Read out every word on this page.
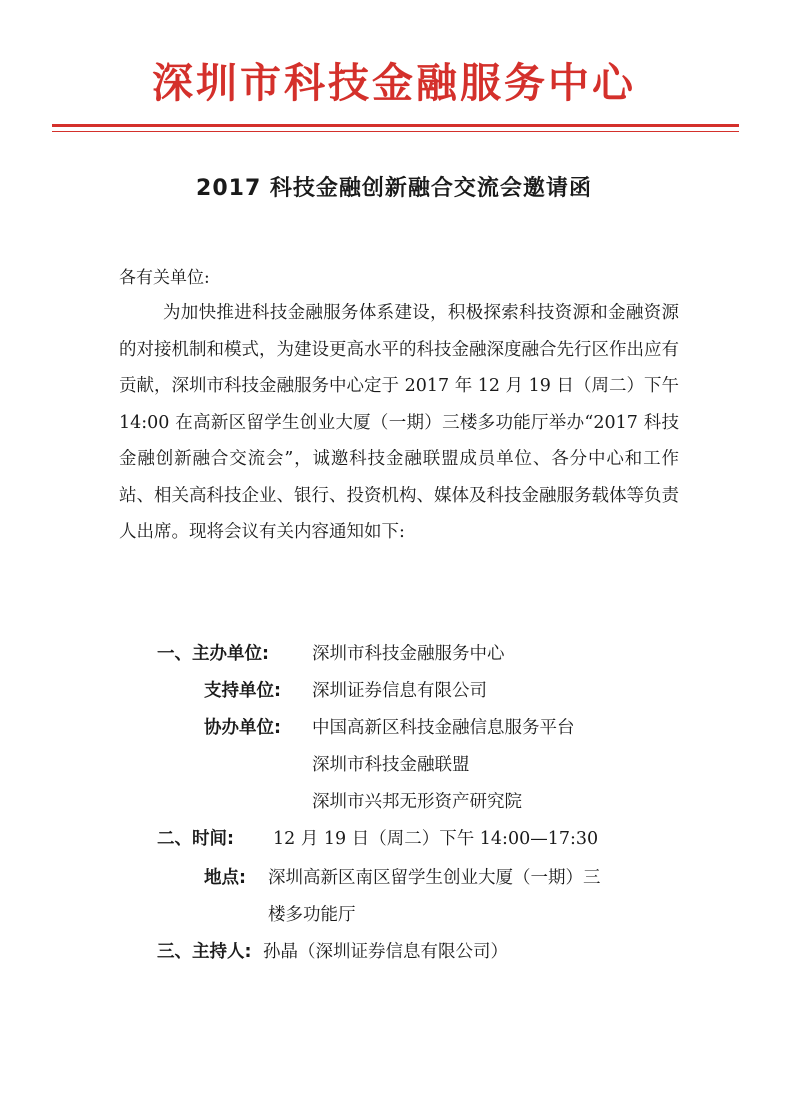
深圳市科技金融服务中心
2017 科技金融创新融合交流会邀请函
各有关单位:
为加快推进科技金融服务体系建设，积极探索科技资源和金融资源的对接机制和模式，为建设更高水平的科技金融深度融合先行区作出应有贡献，深圳市科技金融服务中心定于 2017 年 12 月 19 日（周二）下午 14:00 在高新区留学生创业大厦（一期）三楼多功能厅举办“2017 科技金融创新融合交流会”，诚邀科技金融联盟成员单位、各分中心和工作站、相关高科技企业、银行、投资机构、媒体及科技金融服务载体等负责人出席。现将会议有关内容通知如下:
一、主办单位: 深圳市科技金融服务中心
支持单位: 深圳证券信息有限公司
协办单位: 中国高新区科技金融信息服务平台
深圳市科技金融联盟
深圳市兴邦无形资产研究院
二、时间: 12 月 19 日（周二）下午 14:00—17:30
地点: 深圳高新区南区留学生创业大厦（一期）三
楼多功能厅
三、主持人: 孙晶（深圳证券信息有限公司）
